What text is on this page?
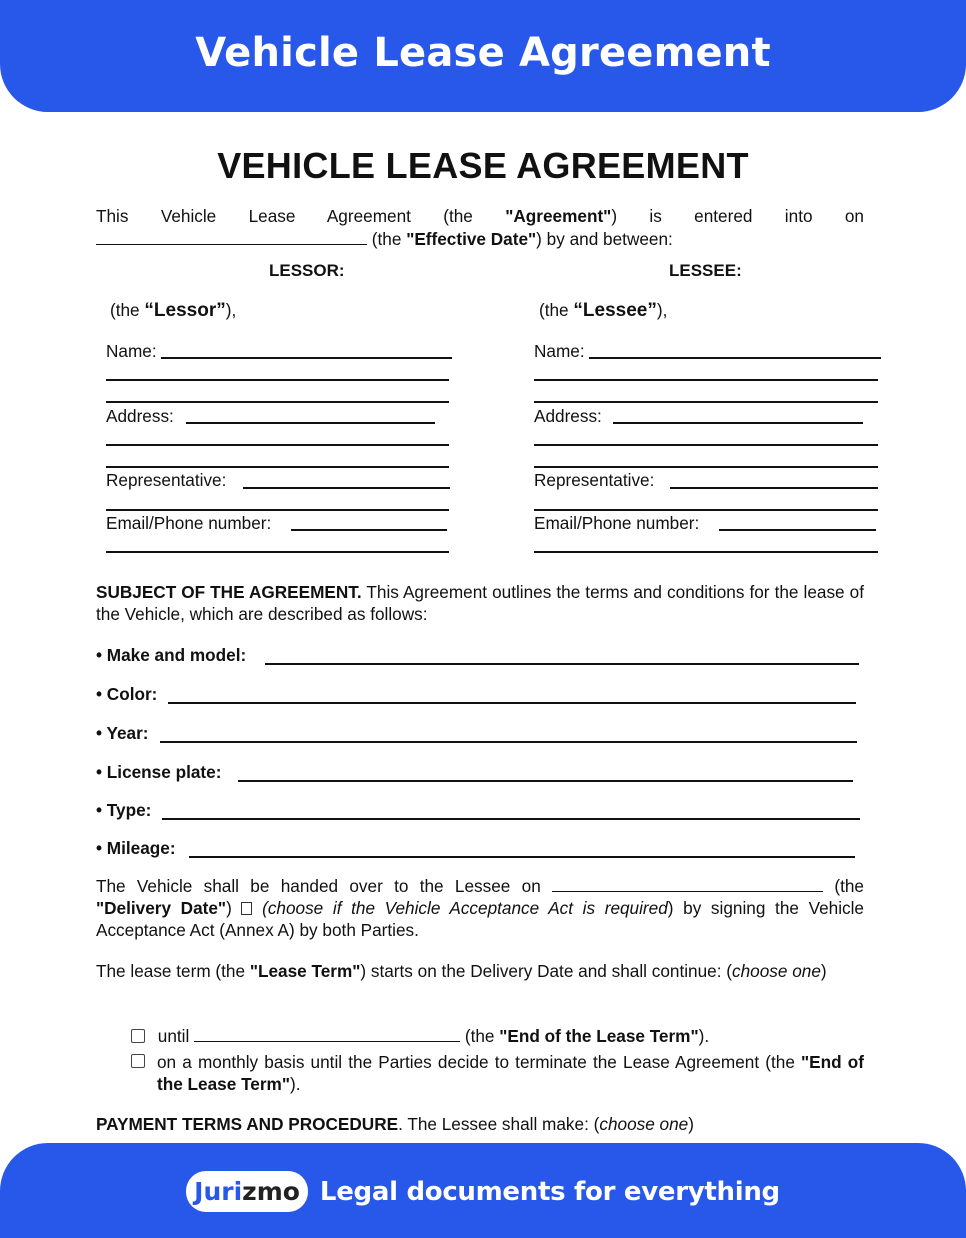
Vehicle Lease Agreement
VEHICLE LEASE AGREEMENT
This Vehicle Lease Agreement (the "Agreement") is entered into on
(the "Effective Date") by and between:
LESSOR:
(the “Lessor”),
Name:
Address:
Representative:
Email/Phone number:
LESSEE:
(the “Lessee”),
Name:
Address:
Representative:
Email/Phone number:
SUBJECT OF THE AGREEMENT. This Agreement outlines the terms and conditions for the lease of the Vehicle, which are described as follows:
• Make and model:
• Color:
• Year:
• License plate:
• Type:
• Mileage:
The Vehicle shall be handed over to the Lessee on	(the "Delivery Date")  (choose if the Vehicle Acceptance Act is required) by signing the Vehicle Acceptance Act (Annex A) by both Parties.
The lease term (the "Lease Term") starts on the Delivery Date and shall continue: (choose one)
until	(the "End of the Lease Term").
on a monthly basis until the Parties decide to terminate the Lease Agreement (the "End of the Lease Term").
PAYMENT TERMS AND PROCEDURE. The Lessee shall make: (choose one)
Juri zmo Legal documents for everything
